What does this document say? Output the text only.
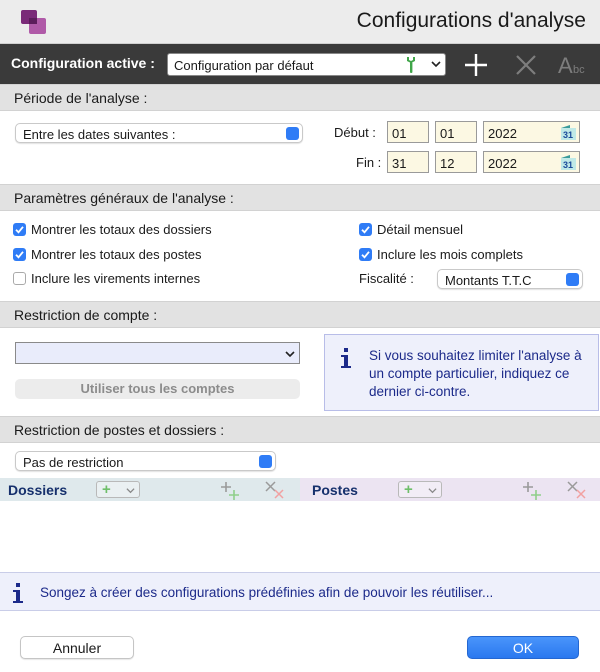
Configurations d'analyse
Configuration active : Configuration par défaut	A bc
Période de l'analyse :
Entre les dates suivantes :	Début : 01	01	2022	31
Fin : 31	12	2022	31
Paramètres généraux de l'analyse :
Montrer les totaux des dossiers
Montrer les totaux des postes
Inclure les virements internes
Détail mensuel
Inclure les mois complets
Fiscalité : Montants T.T.C
Restriction de compte :
Utiliser tous les comptes
Si vous souhaitez limiter l'analyse à un compte particulier, indiquez ce dernier ci-contre.
Restriction de postes et dossiers :
Pas de restriction
Dossiers +	Postes	+
Songez à créer des configurations prédéfinies afin de pouvoir les réutiliser...
Annuler	OK
